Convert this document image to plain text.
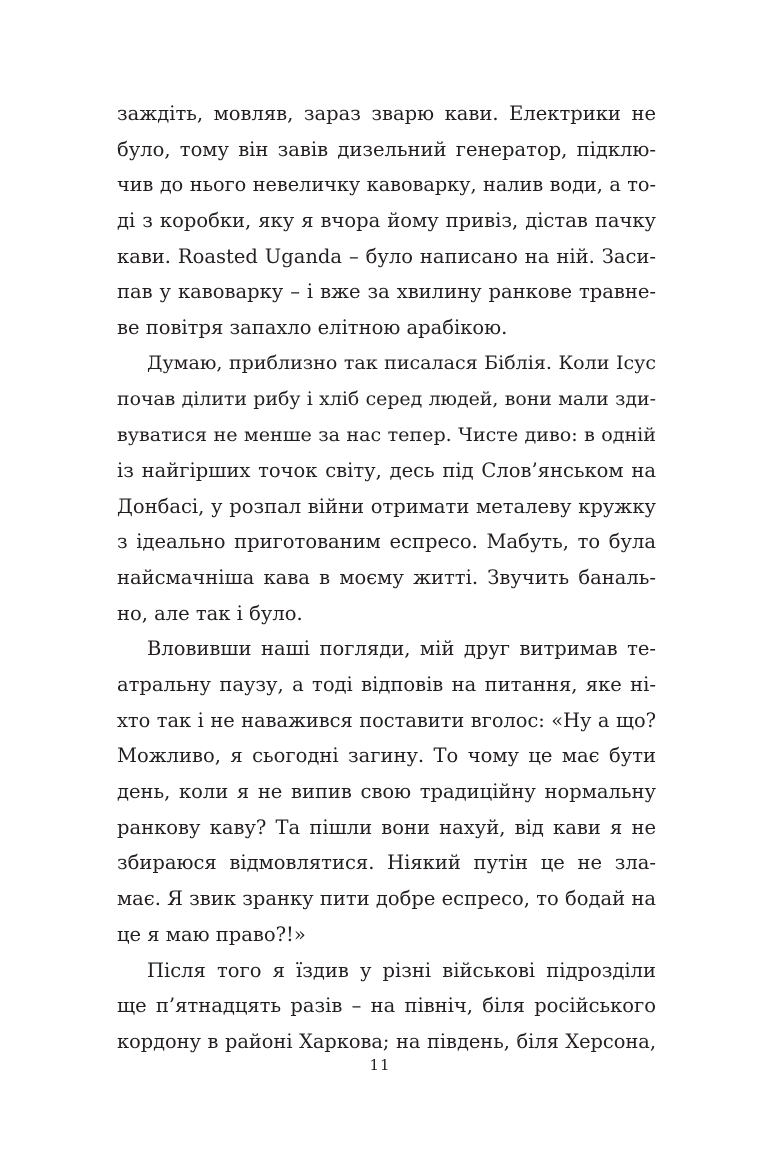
заждіть, мовляв, зараз зварю кави. Електрики не
було, тому він завів дизельний генератор, підклю-
чив до нього невеличку кавоварку, налив води, а то-
ді з коробки, яку я вчора йому привіз, дістав пачку
кави. Roasted Uganda – було написано на ній. Заси-
пав у кавоварку – і вже за хвилину ранкове травне-
ве повітря запахло елітною арабікою.
Думаю, приблизно так писалася Біблія. Коли Ісус
почав ділити рибу і хліб серед людей, вони мали зди-
вуватися не менше за нас тепер. Чисте диво: в одній
із найгірших точок світу, десь під Слов’янськом на
Донбасі, у розпал війни отримати металеву кружку
з ідеально приготованим еспресо. Мабуть, то була
найсмачніша кава в моєму житті. Звучить баналь-
но, але так і було.
Вловивши наші погляди, мій друг витримав те-
атральну паузу, а тоді відповів на питання, яке ні-
хто так і не наважився поставити вголос: «Ну а що?
Можливо, я сьогодні загину. То чому це має бути
день, коли я не випив свою традиційну нормальну
ранкову каву? Та пішли вони нахуй, від кави я не
збираюся відмовлятися. Ніякий путін це не зла-
має. Я звик зранку пити добре еспресо, то бодай на
це я маю право?!»
Після того я їздив у різні військові підрозділи
ще п’ятнадцять разів – на північ, біля російського
кордону в районі Харкова; на південь, біля Херсона,
11
